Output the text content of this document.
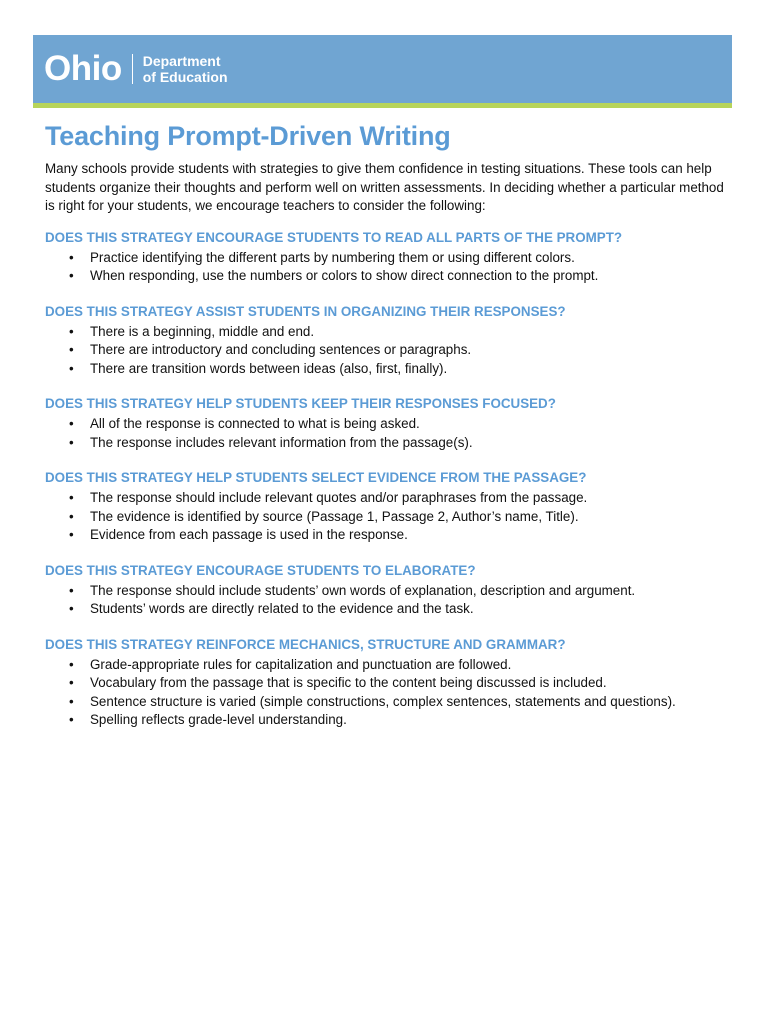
Ohio Department
of Education
Teaching Prompt-Driven Writing

Many schools provide students with strategies to give them confidence in testing situations. These tools can help students organize their thoughts and perform well on written assessments. In deciding whether a particular method is right for your students, we encourage teachers to consider the following:

DOES THIS STRATEGY ENCOURAGE STUDENTS TO READ ALL PARTS OF THE PROMPT?
• Practice identifying the different parts by numbering them or using different colors.
• When responding, use the numbers or colors to show direct connection to the prompt.
DOES THIS STRATEGY ASSIST STUDENTS IN ORGANIZING THEIR RESPONSES?
• There is a beginning, middle and end.
• There are introductory and concluding sentences or paragraphs.
• There are transition words between ideas (also, first, finally).
DOES THIS STRATEGY HELP STUDENTS KEEP THEIR RESPONSES FOCUSED?
• All of the response is connected to what is being asked.
• The response includes relevant information from the passage(s).
DOES THIS STRATEGY HELP STUDENTS SELECT EVIDENCE FROM THE PASSAGE?
• The response should include relevant quotes and/or paraphrases from the passage.
• The evidence is identified by source (Passage 1, Passage 2, Author’s name, Title).
• Evidence from each passage is used in the response.
DOES THIS STRATEGY ENCOURAGE STUDENTS TO ELABORATE?
• The response should include students’ own words of explanation, description and argument.
• Students’ words are directly related to the evidence and the task.
DOES THIS STRATEGY REINFORCE MECHANICS, STRUCTURE AND GRAMMAR?
• Grade-appropriate rules for capitalization and punctuation are followed.
• Vocabulary from the passage that is specific to the content being discussed is included.
• Sentence structure is varied (simple constructions, complex sentences, statements and questions).
• Spelling reflects grade-level understanding.
